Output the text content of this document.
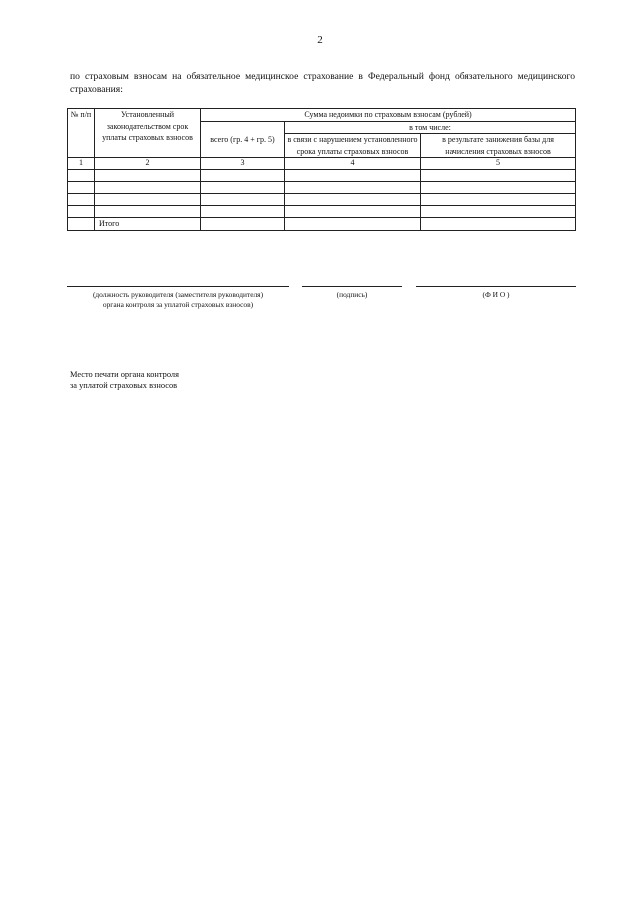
2
по страховым взносам на обязательное медицинское страхование в Федеральный фонд обязательного медицинского страхования:
№ п/п	Установленный законодательством срок уплаты страховых взносов	Сумма недоимки по страховым взносам (рублей)		
		всего (гр. 4 + гр. 5)	в том числе:	
			в связи с нарушением установленного срока уплаты страховых взносов	в результате занижения базы для начисления страховых взносов
1	2	3	4	5

	Итого			
(должность руководителя (заместителя руководителя)
органа контроля за уплатой страховых взносов)
(подпись)	(Ф И О )
Место печати органа контроля
за уплатой страховых взносов
